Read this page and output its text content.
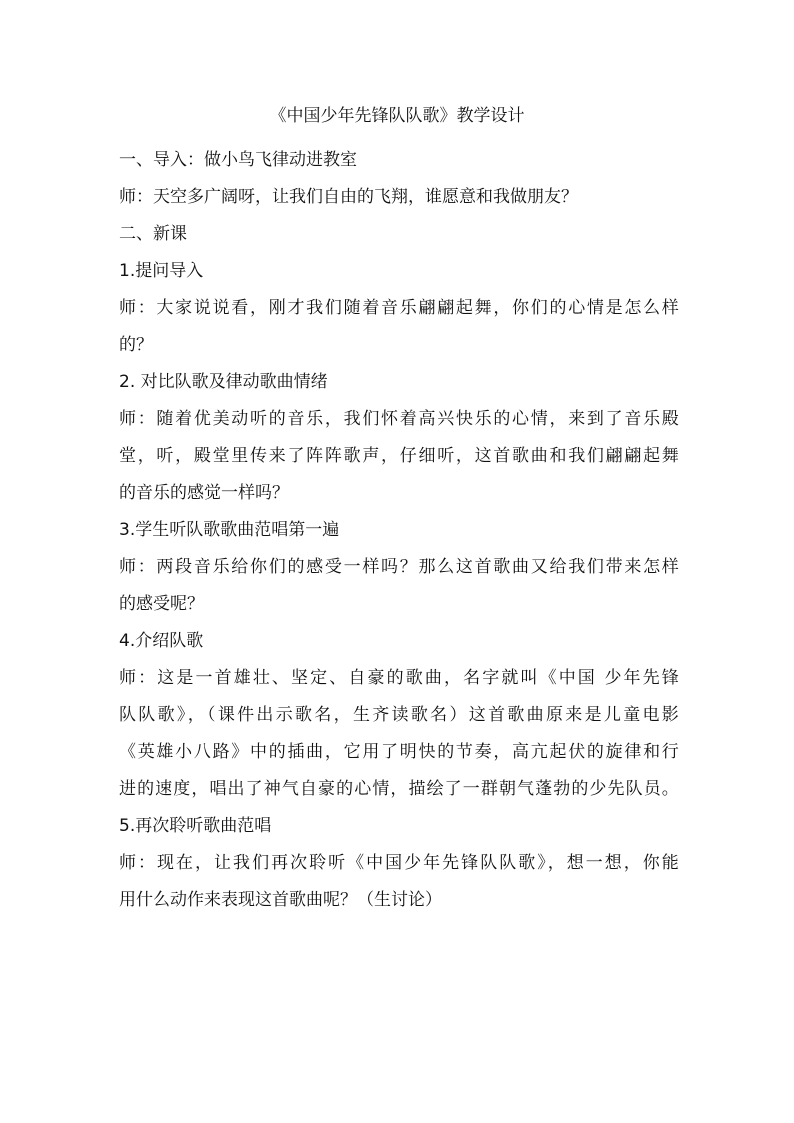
《中国少年先锋队队歌》教学设计
一、导入：做小鸟飞律动进教室
师：天空多广阔呀，让我们自由的飞翔，谁愿意和我做朋友？
二、新课
1.提问导入
师：大家说说看，刚才我们随着音乐翩翩起舞，你们的心情是怎么样
的？
2. 对比队歌及律动歌曲情绪
师：随着优美动听的音乐，我们怀着高兴快乐的心情，来到了音乐殿
堂，听，殿堂里传来了阵阵歌声，仔细听，这首歌曲和我们翩翩起舞
的音乐的感觉一样吗？
3.学生听队歌歌曲范唱第一遍
师：两段音乐给你们的感受一样吗？那么这首歌曲又给我们带来怎样
的感受呢？
4.介绍队歌
师：这是一首雄壮、坚定、自豪的歌曲，名字就叫《中国 少年先锋
队队歌》，（课件出示歌名，生齐读歌名）这首歌曲原来是儿童电影
《英雄小八路》中的插曲，它用了明快的节奏，高亢起伏的旋律和行
进的速度，唱出了神气自豪的心情，描绘了一群朝气蓬勃的少先队员。
5.再次聆听歌曲范唱
师：现在，让我们再次聆听《中国少年先锋队队歌》，想一想，你能
用什么动作来表现这首歌曲呢？（生讨论）
